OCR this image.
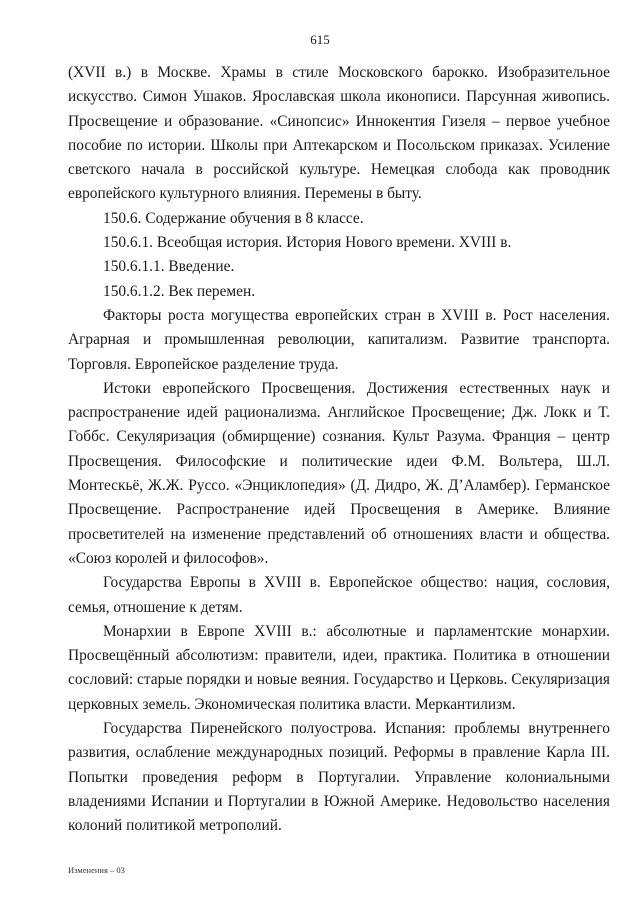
615

(XVII в.) в Москве. Храмы в стиле Московского барокко. Изобразительное искусство. Симон Ушаков. Ярославская школа иконописи. Парсунная живопись. Просвещение и образование. «Синопсис» Иннокентия Гизеля – первое учебное пособие по истории. Школы при Аптекарском и Посольском приказах. Усиление светского начала в российской культуре. Немецкая слобода как проводник европейского культурного влияния. Перемены в быту.

150.6. Содержание обучения в 8 классе.

150.6.1. Всеобщая история. История Нового времени. XVIII в.

150.6.1.1. Введение.

150.6.1.2. Век перемен.

Факторы роста могущества европейских стран в XVIII в. Рост населения. Аграрная и промышленная революции, капитализм. Развитие транспорта. Торговля. Европейское разделение труда.

Истоки европейского Просвещения. Достижения естественных наук и распространение идей рационализма. Английское Просвещение; Дж. Локк и Т. Гоббс. Секуляризация (обмирщение) сознания. Культ Разума. Франция – центр Просвещения. Философские и политические идеи Ф.М. Вольтера, Ш.Л. Монтескьё, Ж.Ж. Руссо. «Энциклопедия» (Д. Дидро, Ж. Д’Аламбер). Германское Просвещение. Распространение идей Просвещения в Америке. Влияние просветителей на изменение представлений об отношениях власти и общества. «Союз королей и философов».

Государства Европы в XVIII в. Европейское общество: нация, сословия, семья, отношение к детям.

Монархии в Европе XVIII в.: абсолютные и парламентские монархии. Просвещённый абсолютизм: правители, идеи, практика. Политика в отношении сословий: старые порядки и новые веяния. Государство и Церковь. Секуляризация церковных земель. Экономическая политика власти. Меркантилизм.

Государства Пиренейского полуострова. Испания: проблемы внутреннего развития, ослабление международных позиций. Реформы в правление Карла III. Попытки проведения реформ в Португалии. Управление колониальными владениями Испании и Португалии в Южной Америке. Недовольство населения колоний политикой метрополий.

Изменения – 03
